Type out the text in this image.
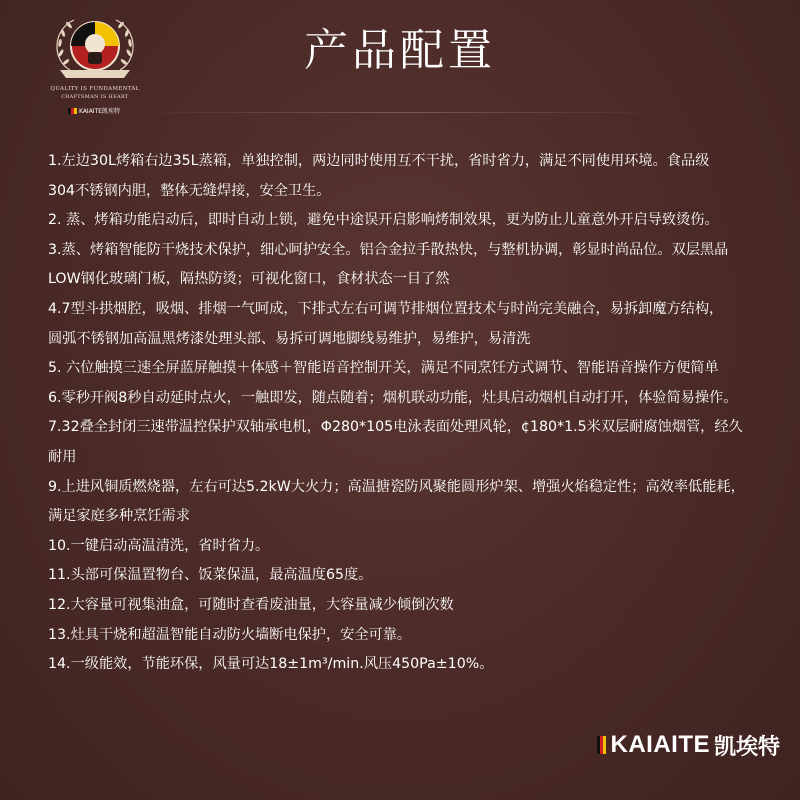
QUALITY IS FUNDAMENTAL
CRAFTSMAN IS HEART
KAIAITE凯埃特
产品配置

1.左边30L烤箱右边35L蒸箱，单独控制，两边同时使用互不干扰，省时省力，满足不同使用环境。食品级
304不锈钢内胆，整体无缝焊接，安全卫生。

2. 蒸、烤箱功能启动后，即时自动上锁，避免中途误开启影响烤制效果，更为防止儿童意外开启导致烫伤。

3.蒸、烤箱智能防干烧技术保护，细心呵护安全。铝合金拉手散热快，与整机协调，彰显时尚品位。双层黑晶
LOW钢化玻璃门板，隔热防烫；可视化窗口，食材状态一目了然

4.7型斗拱烟腔，吸烟、排烟一气呵成，下排式左右可调节排烟位置技术与时尚完美融合，易拆卸魔方结构，
圆弧不锈钢加高温黑烤漆处理头部、易拆可调地脚线易维护，易维护，易清洗

5. 六位触摸三速全屏蓝屏触摸＋体感＋智能语音控制开关，满足不同烹饪方式调节、智能语音操作方便简单

6.零秒开阀8秒自动延时点火，一触即发，随点随着；烟机联动功能，灶具启动烟机自动打开，体验简易操作。

7.32叠全封闭三速带温控保护双轴承电机，Φ280*105电泳表面处理风轮，¢180*1.5米双层耐腐蚀烟管，经久
耐用

9.上进风铜质燃烧器，左右可达5.2kW大火力；高温搪瓷防风聚能圆形炉架、增强火焰稳定性；高效率低能耗，
满足家庭多种烹饪需求

10.一键启动高温清洗，省时省力。

11.头部可保温置物台、饭菜保温，最高温度65度。

12.大容量可视集油盒，可随时查看废油量，大容量减少倾倒次数

13.灶具干烧和超温智能自动防火墙断电保护，安全可靠。

14.一级能效，节能环保，风量可达18±1m³/min.风压450Pa±10%。

KAIAITE 凯埃特
